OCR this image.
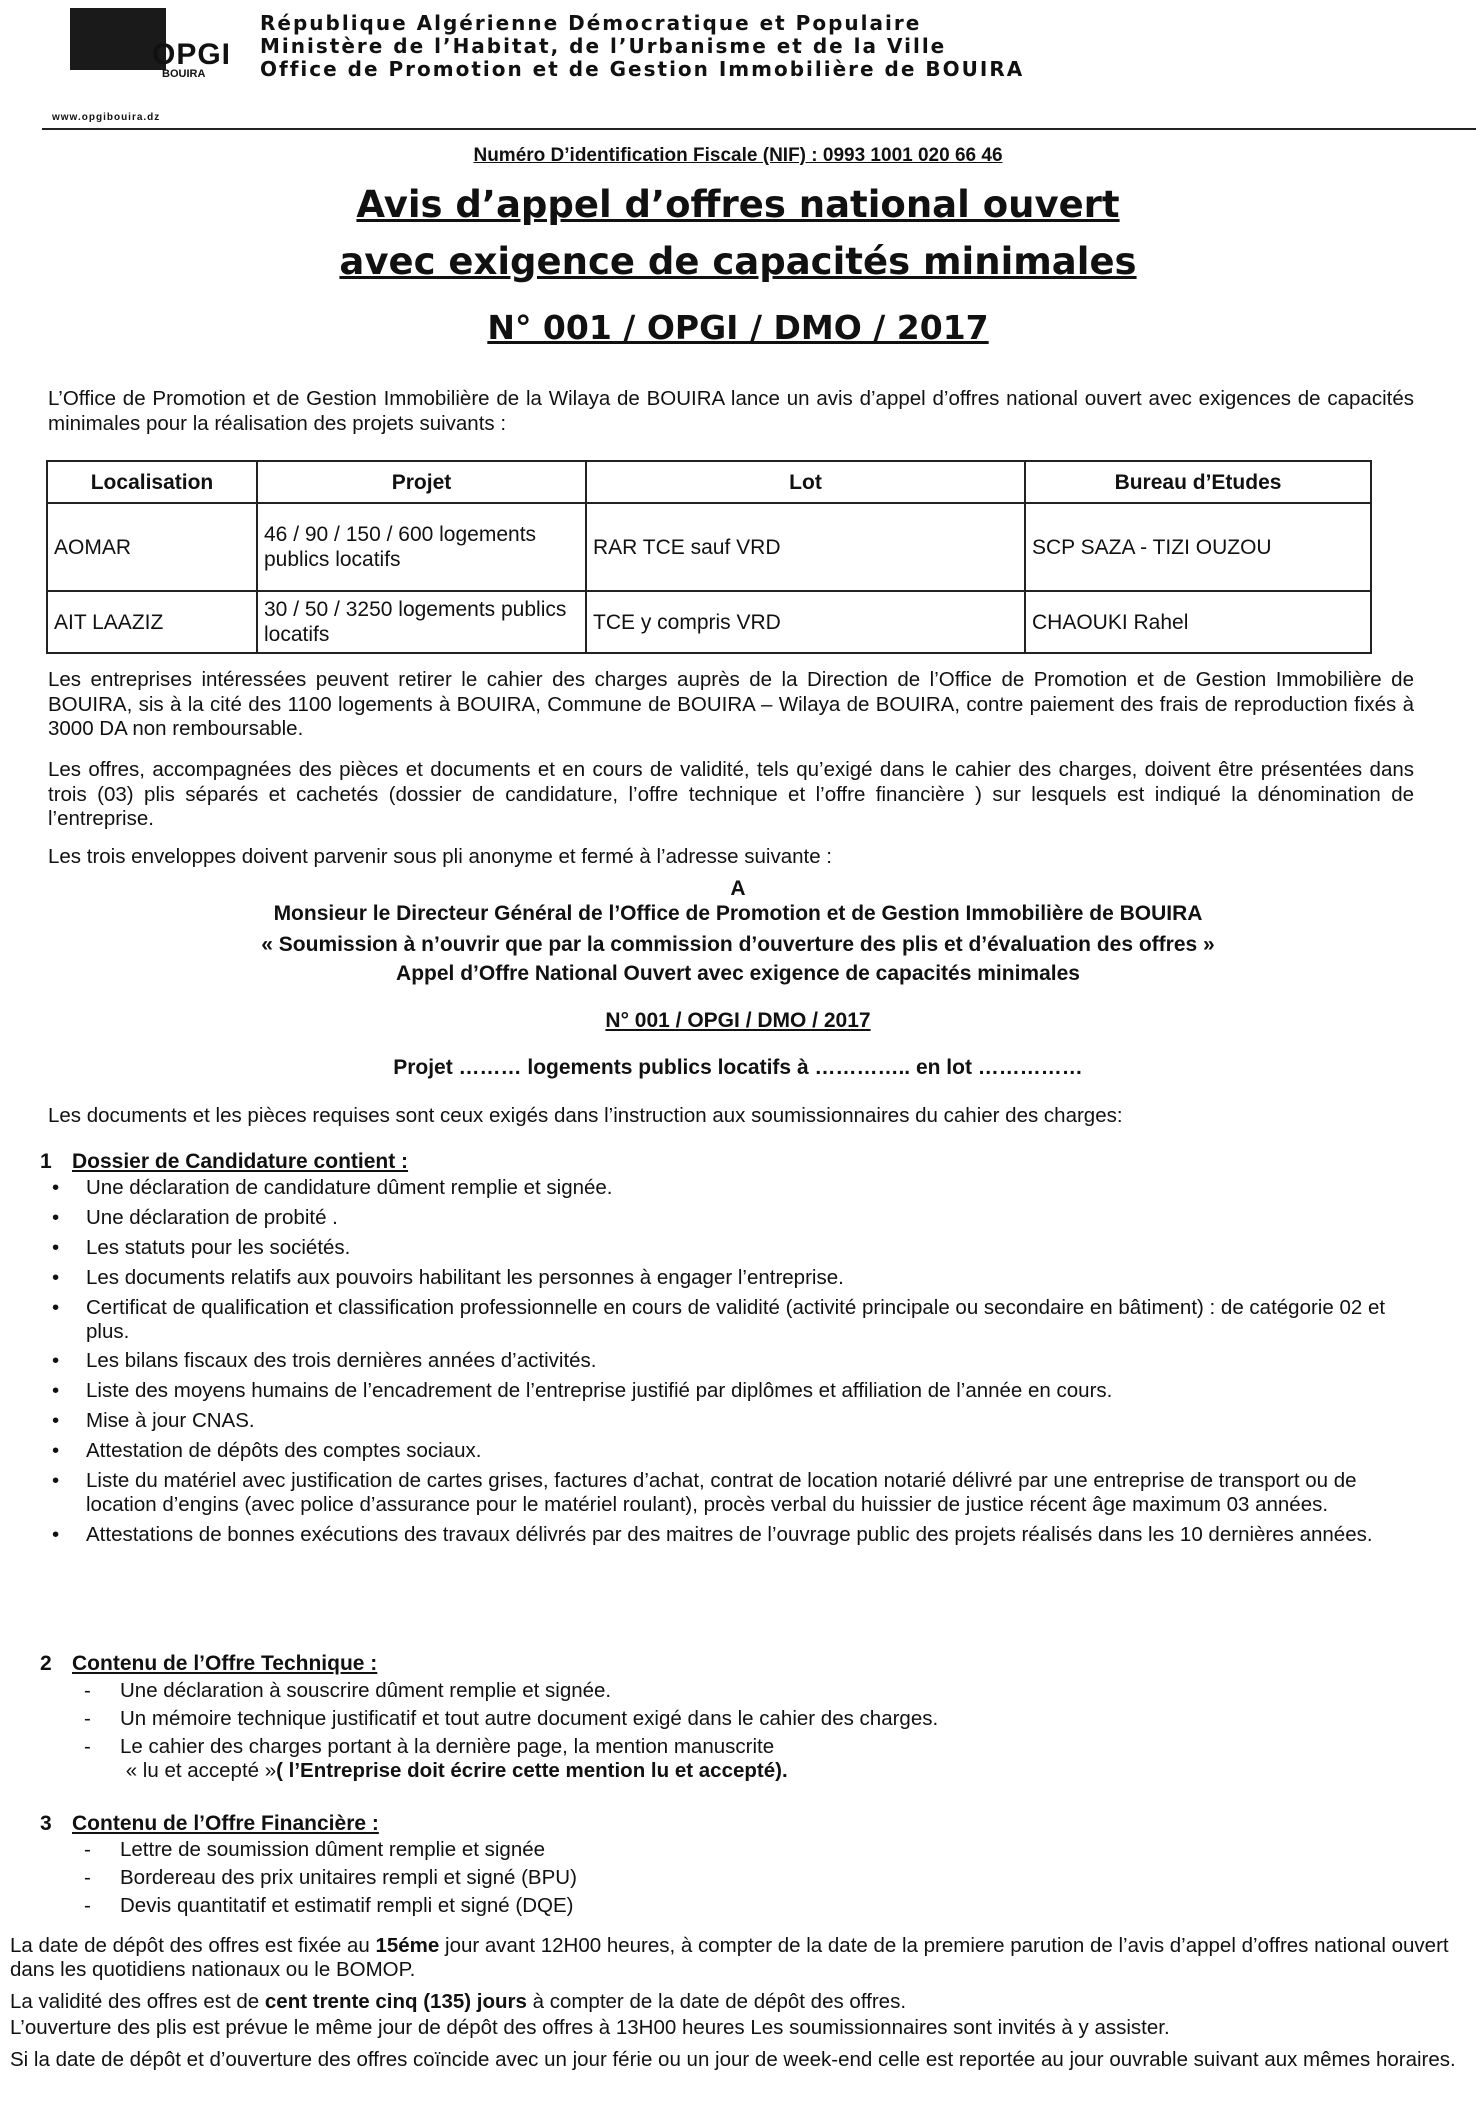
OPGI
BOUIRA
www.opgibouira.dz
République Algérienne Démocratique et Populaire
Ministère de l’Habitat, de l’Urbanisme et de la Ville
Office de Promotion et de Gestion Immobilière de BOUIRA
Numéro D’identification Fiscale (NIF) : 0993 1001 020 66 46
Avis d’appel d’offres national ouvert
avec exigence de capacités minimales
N° 001 / OPGI / DMO / 2017
L’Office de Promotion et de Gestion Immobilière de la Wilaya de BOUIRA lance un avis d’appel d’offres national ouvert avec exigences de capacités minimales pour la réalisation des projets suivants :
Localisation	Projet	Lot	Bureau d’Etudes
AOMAR	46 / 90 / 150 / 600 logements publics locatifs	RAR TCE sauf VRD	SCP SAZA - TIZI OUZOU
AIT LAAZIZ	30 / 50 / 3250 logements publics locatifs	TCE y compris VRD	CHAOUKI Rahel
Les entreprises intéressées peuvent retirer le cahier des charges auprès de la Direction de l’Office de Promotion et de Gestion Immobilière de BOUIRA, sis à la cité des 1100 logements à BOUIRA, Commune de BOUIRA – Wilaya de BOUIRA, contre paiement des frais de reproduction fixés à 3000 DA non remboursable.
Les offres, accompagnées des pièces et documents et en cours de validité, tels qu’exigé dans le cahier des charges, doivent être présentées dans trois (03) plis séparés et cachetés (dossier de candidature, l’offre technique et l’offre financière ) sur lesquels est indiqué la dénomination de l’entreprise.
Les trois enveloppes doivent parvenir sous pli anonyme et fermé à l’adresse suivante :
A
Monsieur le Directeur Général de l’Office de Promotion et de Gestion Immobilière de BOUIRA
« Soumission à n’ouvrir que par la commission d’ouverture des plis et d’évaluation des offres »
Appel d’Offre National Ouvert avec exigence de capacités minimales
N° 001 / OPGI / DMO / 2017
Projet ……… logements publics locatifs à ………….. en lot ……………
Les documents et les pièces requises sont ceux exigés dans l’instruction aux soumissionnaires du cahier des charges:
1 Dossier de Candidature contient :
• Une déclaration de candidature dûment remplie et signée.
• Une déclaration de probité .
• Les statuts pour les sociétés.
• Les documents relatifs aux pouvoirs habilitant les personnes à engager l’entreprise.
• Certificat de qualification et classification professionnelle en cours de validité (activité principale ou secondaire en bâtiment) : de catégorie 02 et plus.
• Les bilans fiscaux des trois dernières années d’activités.
• Liste des moyens humains de l’encadrement de l’entreprise justifié par diplômes et affiliation de l’année en cours.
• Mise à jour CNAS.
• Attestation de dépôts des comptes sociaux.
• Liste du matériel avec justification de cartes grises, factures d’achat, contrat de location notarié délivré par une entreprise de transport ou de location d’engins (avec police d’assurance pour le matériel roulant), procès verbal du huissier de justice récent âge maximum 03 années.
• Attestations de bonnes exécutions des travaux délivrés par des maitres de l’ouvrage public des projets réalisés dans les 10 dernières années.
2 Contenu de l’Offre Technique :
- Une déclaration à souscrire dûment remplie et signée.
- Un mémoire technique justificatif et tout autre document exigé dans le cahier des charges.
- Le cahier des charges portant à la dernière page, la mention manuscrite
« lu et accepté »( l’Entreprise doit écrire cette mention lu et accepté).
3 Contenu de l’Offre Financière :
- Lettre de soumission dûment remplie et signée
- Bordereau des prix unitaires rempli et signé (BPU)
- Devis quantitatif et estimatif rempli et signé (DQE)
La date de dépôt des offres est fixée au 15éme jour avant 12H00 heures, à compter de la date de la premiere parution de l’avis d’appel d’offres national ouvert dans les quotidiens nationaux ou le BOMOP.
La validité des offres est de cent trente cinq (135) jours à compter de la date de dépôt des offres.
L’ouverture des plis est prévue le même jour de dépôt des offres à 13H00 heures Les soumissionnaires sont invités à y assister.
Si la date de dépôt et d’ouverture des offres coïncide avec un jour férie ou un jour de week-end celle est reportée au jour ouvrable suivant aux mêmes horaires.
